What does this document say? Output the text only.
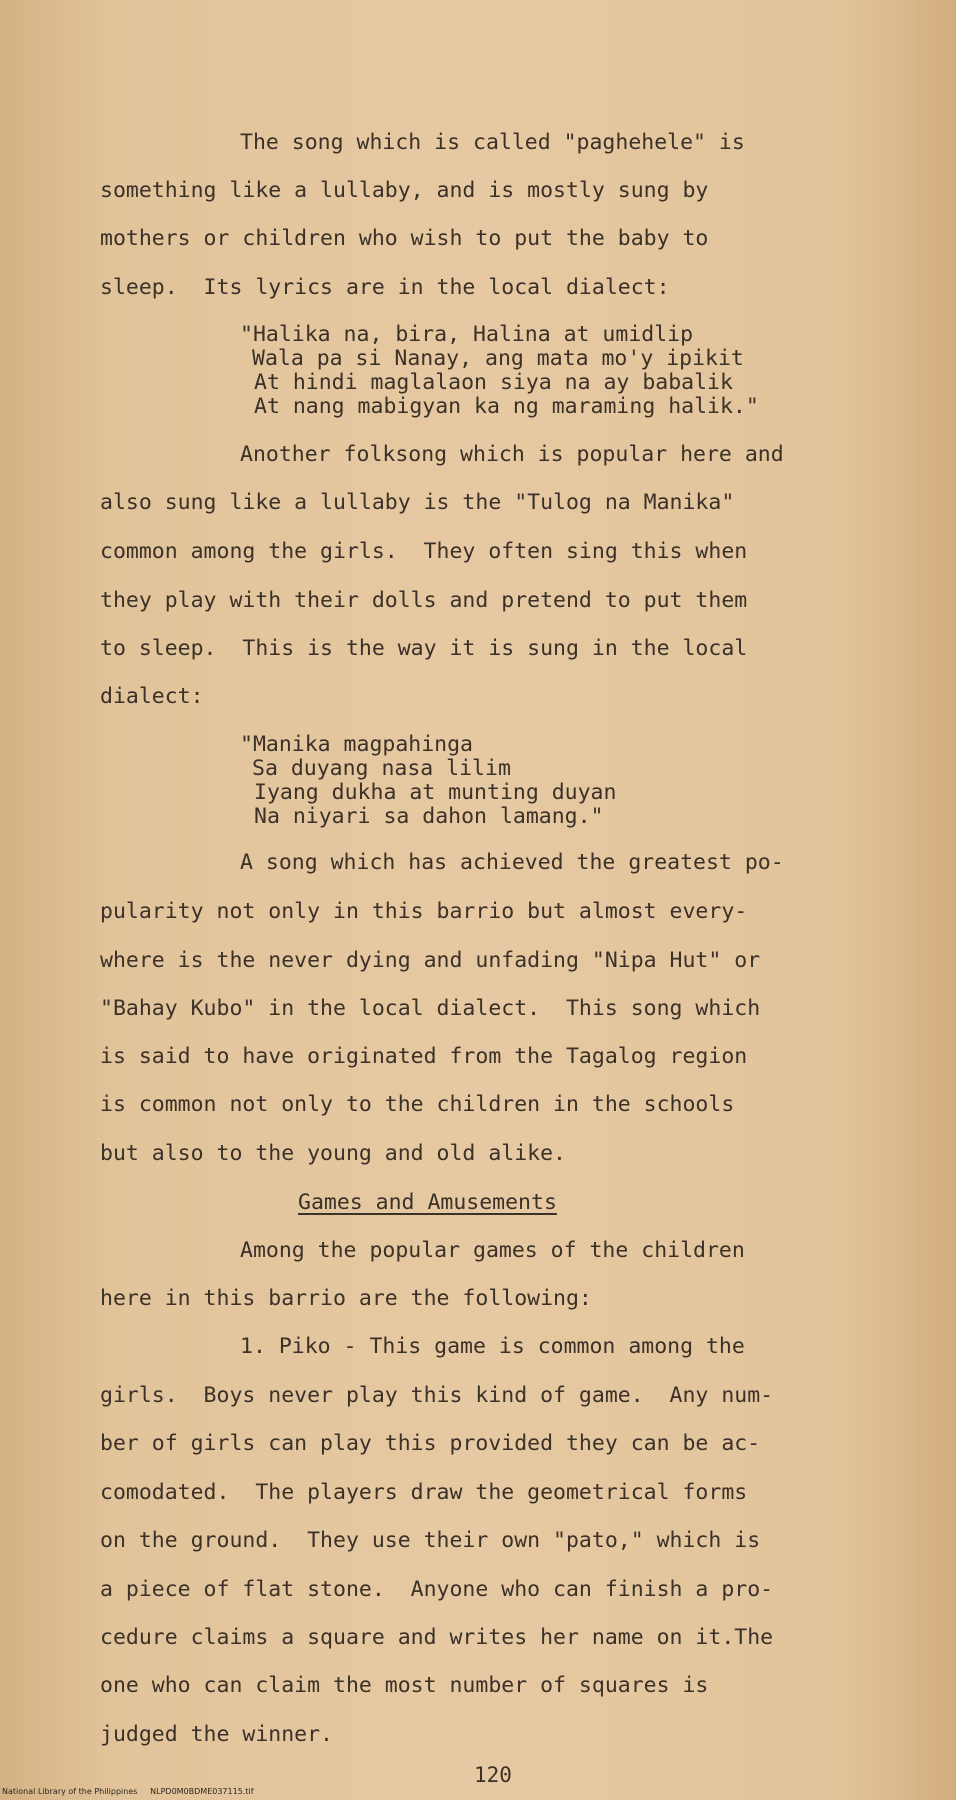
The song which is called "paghehele" is
something like a lullaby, and is mostly sung by
mothers or children who wish to put the baby to
sleep.  Its lyrics are in the local dialect:
"Halika na, bira, Halina at umidlip
Wala pa si Nanay, ang mata mo'y ipikit
At hindi maglalaon siya na ay babalik
At nang mabigyan ka ng maraming halik."
Another folksong which is popular here and
also sung like a lullaby is the "Tulog na Manika"
common among the girls.  They often sing this when
they play with their dolls and pretend to put them
to sleep.  This is the way it is sung in the local
dialect:
"Manika magpahinga
Sa duyang nasa lilim
Iyang dukha at munting duyan
Na niyari sa dahon lamang."
A song which has achieved the greatest po-
pularity not only in this barrio but almost every-
where is the never dying and unfading "Nipa Hut" or
"Bahay Kubo" in the local dialect.  This song which
is said to have originated from the Tagalog region
is common not only to the children in the schools
but also to the young and old alike.
Games and Amusements
Among the popular games of the children
here in this barrio are the following:
1. Piko - This game is common among the
girls.  Boys never play this kind of game.  Any num-
ber of girls can play this provided they can be ac-
comodated.  The players draw the geometrical forms
on the ground.  They use their own "pato," which is
a piece of flat stone.  Anyone who can finish a pro-
cedure claims a square and writes her name on it.The
one who can claim the most number of squares is
judged the winner.
120
National Library of the Philippines     NLPD0M0BDME037115.tif
